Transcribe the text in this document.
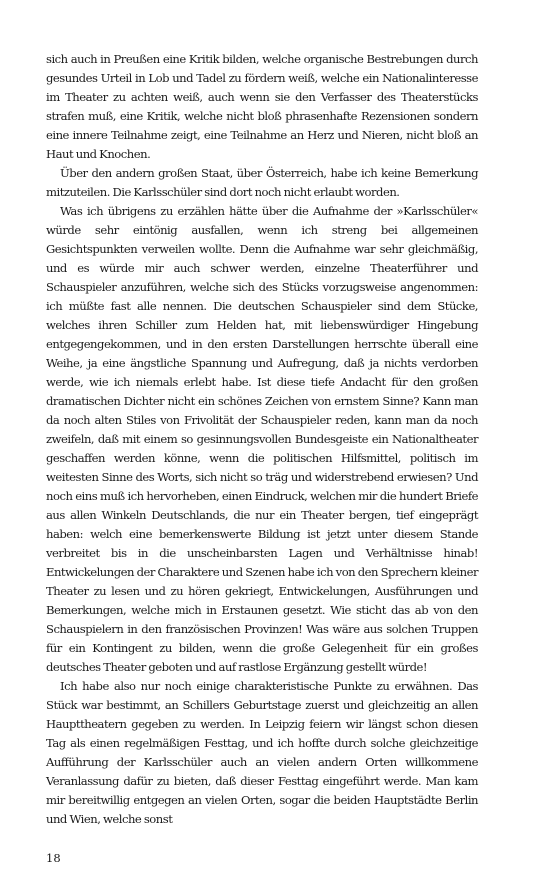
sich auch in Preußen eine Kritik bilden, welche organische Bestrebungen durch gesundes Urteil in Lob und Tadel zu fördern weiß, welche ein Nationalinteresse im Theater zu achten weiß, auch wenn sie den Verfasser des Theaterstücks strafen muß, eine Kritik, welche nicht bloß phrasenhafte Rezensionen sondern eine innere Teilnahme zeigt, eine Teilnahme an Herz und Nieren, nicht bloß an Haut und Knochen.

Über den andern großen Staat, über Österreich, habe ich keine Bemerkung mitzuteilen. Die Karlsschüler sind dort noch nicht erlaubt worden.

Was ich übrigens zu erzählen hätte über die Aufnahme der »Karlsschüler« würde sehr eintönig ausfallen, wenn ich streng bei allgemeinen Gesichtspunkten verweilen wollte. Denn die Aufnahme war sehr gleichmäßig, und es würde mir auch schwer werden, einzelne Theaterführer und Schauspieler anzuführen, welche sich des Stücks vorzugsweise angenommen: ich müßte fast alle nennen. Die deutschen Schauspieler sind dem Stücke, welches ihren Schiller zum Helden hat, mit liebenswürdiger Hingebung entgegengekommen, und in den ersten Darstellungen herrschte überall eine Weihe, ja eine ängstliche Spannung und Aufregung, daß ja nichts verdorben werde, wie ich niemals erlebt habe. Ist diese tiefe Andacht für den großen dramatischen Dichter nicht ein schönes Zeichen von ernstem Sinne? Kann man da noch alten Stiles von Frivolität der Schauspieler reden, kann man da noch zweifeln, daß mit einem so gesinnungsvollen Bundesgeiste ein Nationaltheater geschaffen werden könne, wenn die politischen Hilfsmittel, politisch im weitesten Sinne des Worts, sich nicht so träg und widerstrebend erwiesen? Und noch eins muß ich hervorheben, einen Eindruck, welchen mir die hundert Briefe aus allen Winkeln Deutschlands, die nur ein Theater bergen, tief eingeprägt haben: welch eine bemerkenswerte Bildung ist jetzt unter diesem Stande verbreitet bis in die unscheinbarsten Lagen und Verhältnisse hinab! Entwickelungen der Charaktere und Szenen habe ich von den Sprechern kleiner Theater zu lesen und zu hören gekriegt, Entwickelungen, Ausführungen und Bemerkungen, welche mich in Erstaunen gesetzt. Wie sticht das ab von den Schauspielern in den französischen Provinzen! Was wäre aus solchen Truppen für ein Kontingent zu bilden, wenn die große Gelegenheit für ein großes deutsches Theater geboten und auf rastlose Ergänzung gestellt würde!

Ich habe also nur noch einige charakteristische Punkte zu erwähnen. Das Stück war bestimmt, an Schillers Geburtstage zuerst und gleichzeitig an allen Haupttheatern gegeben zu werden. In Leipzig feiern wir längst schon diesen Tag als einen regelmäßigen Festtag, und ich hoffte durch solche gleichzeitige Aufführung der Karlsschüler auch an vielen andern Orten willkommene Veranlassung dafür zu bieten, daß dieser Festtag eingeführt werde. Man kam mir bereitwillig entgegen an vielen Orten, sogar die beiden Hauptstädte Berlin und Wien, welche sonst

18
